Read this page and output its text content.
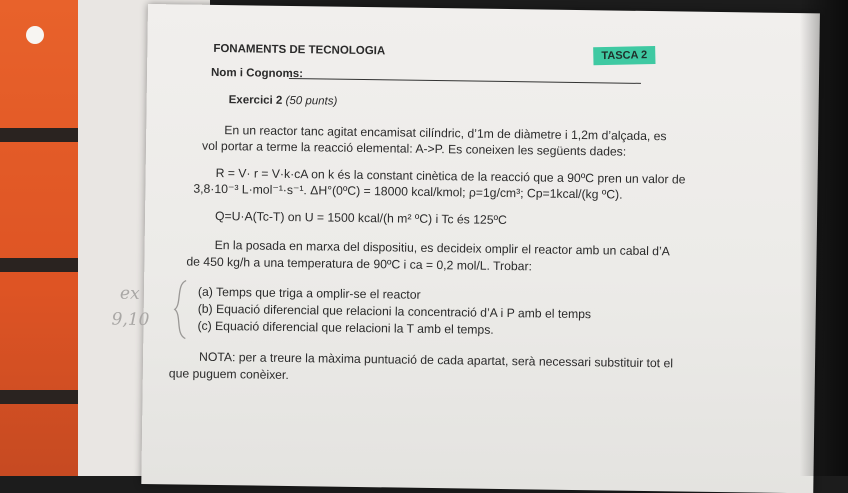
FONAMENTS DE TECNOLOGIA	TASCA 2
Nom i Cognoms:
Exercici 2 (50 punts)
En un reactor tanc agitat encamisat cilíndric, d’1m de diàmetre i 1,2m d’alçada, es
vol portar a terme la reacció elemental: A->P. Es coneixen les següents dades:
R = V· r = V·k·cA on k és la constant cinètica de la reacció que a 90ºC pren un valor de
3,8·10⁻³ L·mol⁻¹·s⁻¹. ΔH°(0ºC) = 18000 kcal/kmol; ρ=1g/cm³; Cp=1kcal/(kg ºC).
Q=U·A(Tc-T) on U = 1500 kcal/(h m² ºC) i Tc és 125ºC
En la posada en marxa del dispositiu, es decideix omplir el reactor amb un cabal d’A
de 450 kg/h a una temperatura de 90ºC i ca = 0,2 mol/L. Trobar:
(a) Temps que triga a omplir-se el reactor
(b) Equació diferencial que relacioni la concentració d’A i P amb el temps
(c) Equació diferencial que relacioni la T amb el temps.
NOTA: per a treure la màxima puntuació de cada apartat, serà necessari substituir tot el
que puguem conèixer.
ex
9,10
